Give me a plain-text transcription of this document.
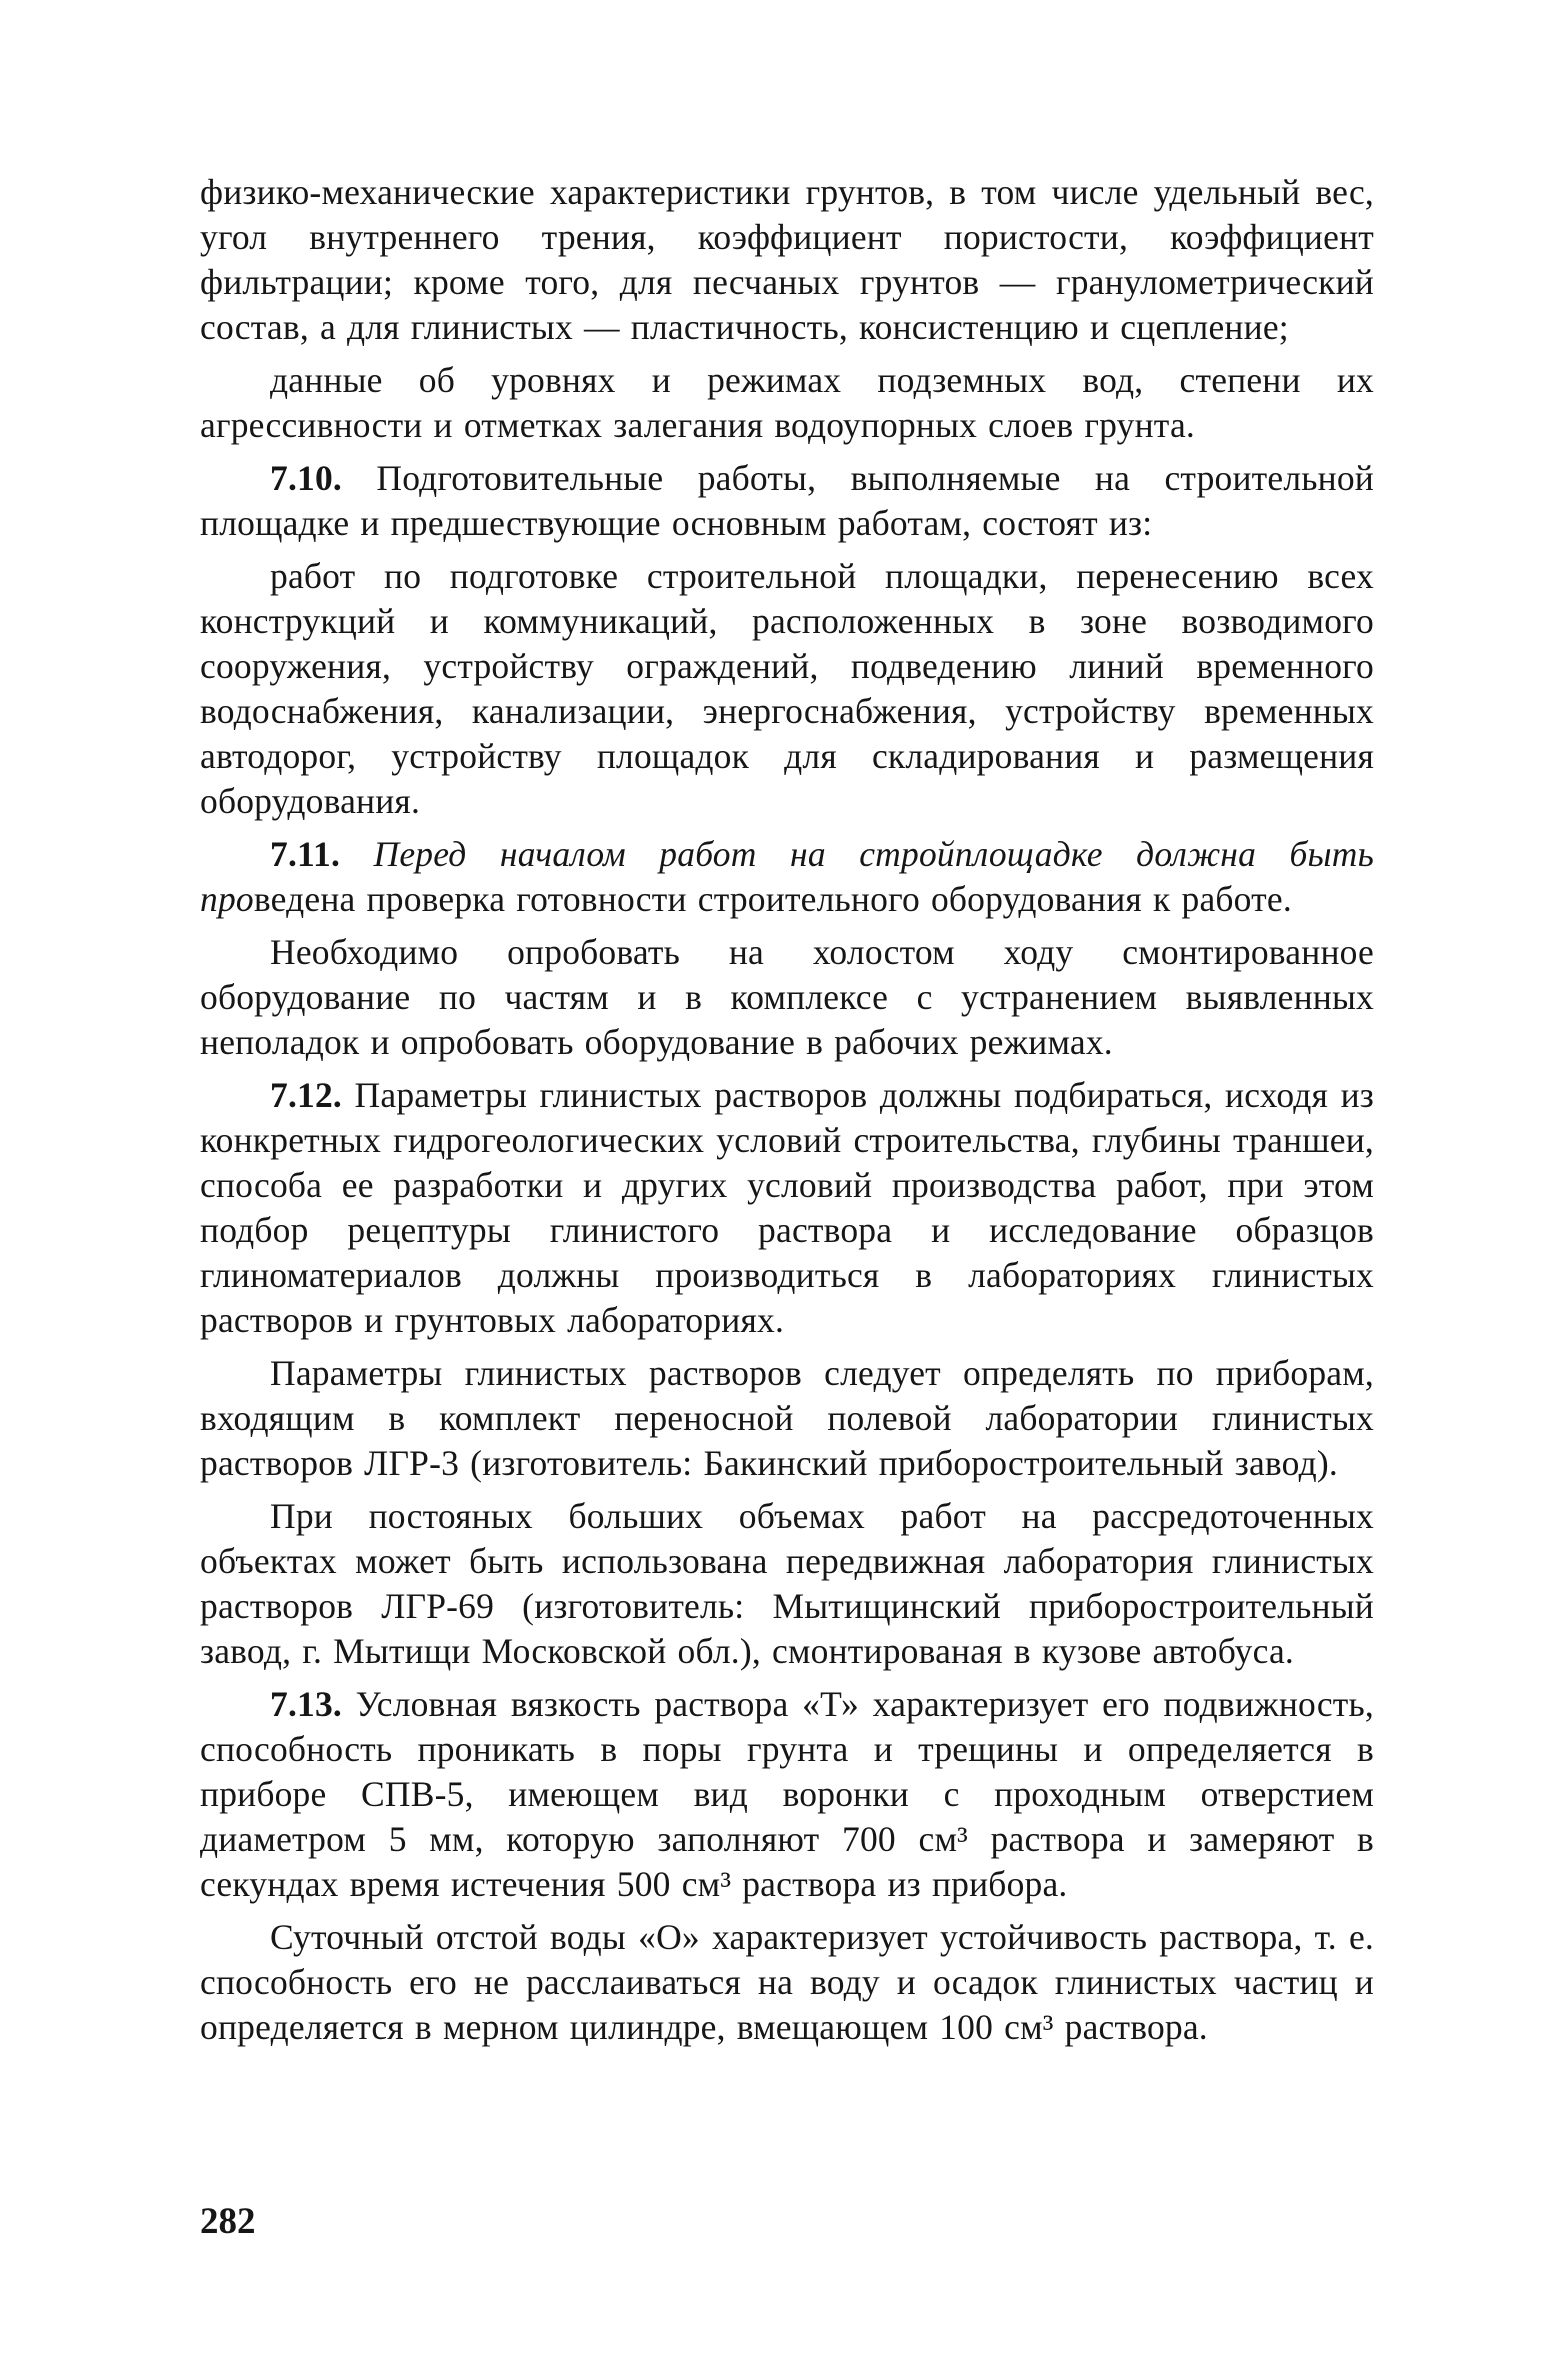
физико-механические характеристики грунтов, в том числе удельный вес, угол внутреннего трения, коэффициент пористости, коэффициент фильтрации; кроме того, для песчаных грунтов — гранулометрический состав, а для глинистых — пластичность, консистенцию и сцепление;

данные об уровнях и режимах подземных вод, степени их агрессивности и отметках залегания водоупорных слоев грунта.

7.10. Подготовительные работы, выполняемые на строительной площадке и предшествующие основным работам, состоят из:

работ по подготовке строительной площадки, перенесению всех конструкций и коммуникаций, расположенных в зоне возводимого сооружения, устройству ограждений, подведению линий временного водоснабжения, канализации, энергоснабжения, устройству временных автодорог, устройству площадок для складирования и размещения оборудования.

7.11. Перед началом работ на стройплощадке должна быть проведена проверка готовности строительного оборудования к работе.

Необходимо опробовать на холостом ходу смонтированное оборудование по частям и в комплексе с устранением выявленных неполадок и опробовать оборудование в рабочих режимах.

7.12. Параметры глинистых растворов должны подбираться, исходя из конкретных гидрогеологических условий строительства, глубины траншеи, способа ее разработки и других условий производства работ, при этом подбор рецептуры глинистого раствора и исследование образцов глиноматериалов должны производиться в лабораториях глинистых растворов и грунтовых лабораториях.

Параметры глинистых растворов следует определять по приборам, входящим в комплект переносной полевой лаборатории глинистых растворов ЛГР-3 (изготовитель: Бакинский приборостроительный завод).

При постояных больших объемах работ на рассредоточенных объектах может быть использована передвижная лаборатория глинистых растворов ЛГР-69 (изготовитель: Мытищинский приборостроительный завод, г. Мытищи Московской обл.), смонтированая в кузове автобуса.

7.13. Условная вязкость раствора «Т» характеризует его подвижность, способность проникать в поры грунта и трещины и определяется в приборе СПВ-5, имеющем вид воронки с проходным отверстием диаметром 5 мм, которую заполняют 700 см³ раствора и замеряют в секундах время истечения 500 см³ раствора из прибора.

Суточный отстой воды «О» характеризует устойчивость раствора, т. е. способность его не расслаиваться на воду и осадок глинистых частиц и определяется в мерном цилиндре, вмещающем 100 см³ раствора.

282
